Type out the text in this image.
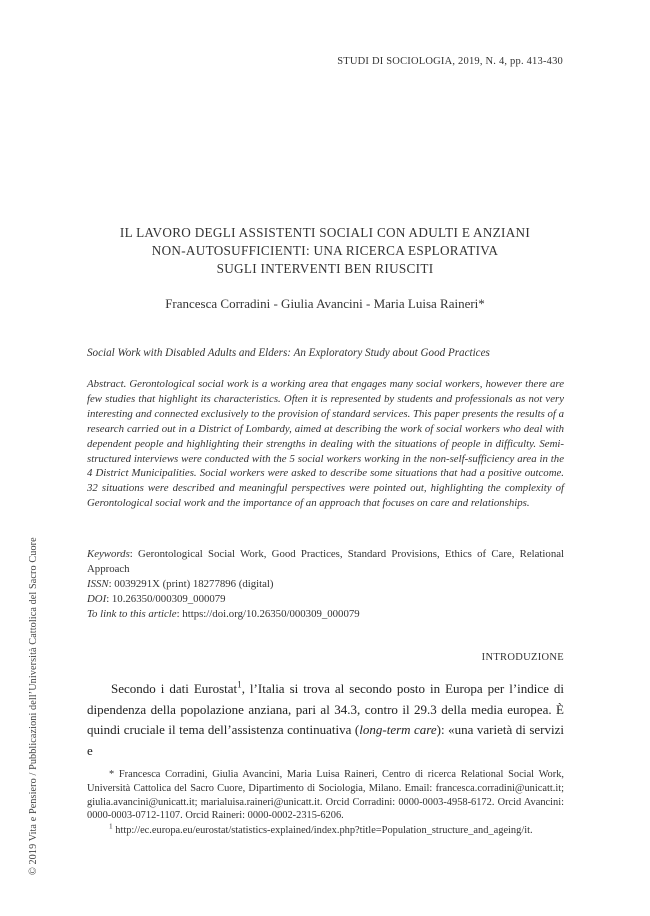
STUDI DI SOCIOLOGIA, 2019, N. 4, pp. 413-430
IL LAVORO DEGLI ASSISTENTI SOCIALI CON ADULTI E ANZIANI
NON-AUTOSUFFICIENTI: UNA RICERCA ESPLORATIVA
SUGLI INTERVENTI BEN RIUSCITI
Francesca Corradini - Giulia Avancini - Maria Luisa Raineri*
Social Work with Disabled Adults and Elders: An Exploratory Study about Good Practices
Abstract. Gerontological social work is a working area that engages many social workers, however there are few studies that highlight its characteristics. Often it is represented by students and professionals as not very interesting and connected exclusively to the provision of standard services. This paper presents the results of a research carried out in a District of Lombardy, aimed at describing the work of social workers who deal with dependent people and highlighting their strengths in dealing with the situations of people in difficulty. Semi-structured interviews were conducted with the 5 social workers working in the non-self-sufficiency area in the 4 District Municipalities. Social workers were asked to describe some situations that had a positive outcome. 32 situations were described and meaningful perspectives were pointed out, highlighting the complexity of Gerontological social work and the importance of an approach that focuses on care and relationships.
Keywords: Gerontological Social Work, Good Practices, Standard Provisions, Ethics of Care, Relational Approach
ISSN: 0039291X (print) 18277896 (digital)
DOI: 10.26350/000309_000079
To link to this article: https://doi.org/10.26350/000309_000079
INTRODUZIONE

Secondo i dati Eurostat$^1$, l’Italia si trova al secondo posto in Europa per l’indice di dipendenza della popolazione anziana, pari al 34.3, contro il 29.3 della media europea. È quindi cruciale il tema dell’assistenza continuativa (long-term care): «una varietà di servizi e

* Francesca Corradini, Giulia Avancini, Maria Luisa Raineri, Centro di ricerca Relational Social Work, Università Cattolica del Sacro Cuore, Dipartimento di Sociologia, Milano. Email: francesca.corradini@unicatt.it; giulia.avancini@unicatt.it; marialuisa.raineri@unicatt.it. Orcid Corradini: 0000-0003-4958-6172. Orcid Avancini: 0000-0003-0712-1107. Orcid Raineri: 0000-0002-2315-6206.

$^1$ http://ec.europa.eu/eurostat/statistics-explained/index.php?title=Population_structure_and_ageing/it.

© 2019 Vita e Pensiero / Pubblicazioni dell’Università Cattolica del Sacro Cuore
